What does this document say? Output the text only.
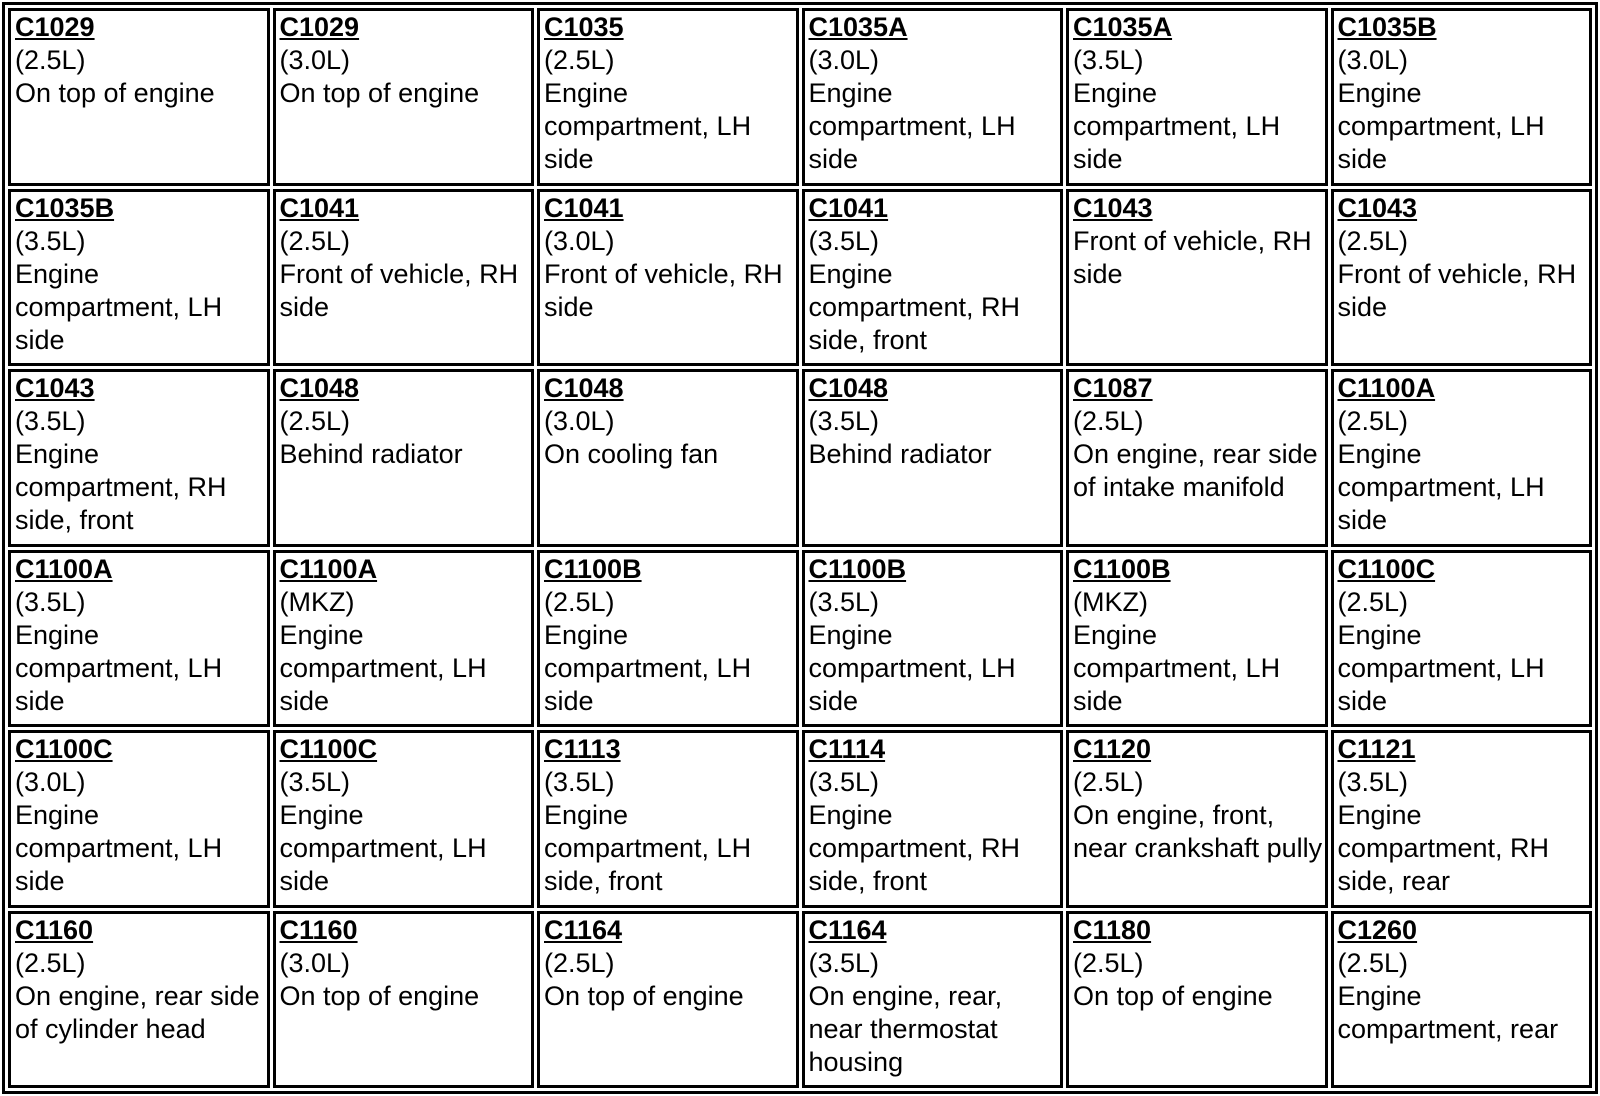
C1029
(2.5L)
On top of engine	C1029
(3.0L)
On top of engine	C1035
(2.5L)
Engine compartment, LH side	C1035A
(3.0L)
Engine compartment, LH side	C1035A
(3.5L)
Engine compartment, LH side	C1035B
(3.0L)
Engine compartment, LH side

C1035B
(3.5L)
Engine compartment, LH side	C1041
(2.5L)
Front of vehicle, RH side	C1041
(3.0L)
Front of vehicle, RH side	C1041
(3.5L)
Engine compartment, RH side, front	C1043
Front of vehicle, RH side	C1043
(2.5L)
Front of vehicle, RH side

C1043
(3.5L)
Engine compartment, RH side, front	C1048
(2.5L)
Behind radiator	C1048
(3.0L)
On cooling fan	C1048
(3.5L)
Behind radiator	C1087
(2.5L)
On engine, rear side of intake manifold	C1100A
(2.5L)
Engine compartment, LH side

C1100A
(3.5L)
Engine compartment, LH side	C1100A
(MKZ)
Engine compartment, LH side	C1100B
(2.5L)
Engine compartment, LH side	C1100B
(3.5L)
Engine compartment, LH side	C1100B
(MKZ)
Engine compartment, LH side	C1100C
(2.5L)
Engine compartment, LH side

C1100C
(3.0L)
Engine compartment, LH side	C1100C
(3.5L)
Engine compartment, LH side	C1113
(3.5L)
Engine compartment, LH side, front	C1114
(3.5L)
Engine compartment, RH side, front	C1120
(2.5L)
On engine, front, near crankshaft pully	C1121
(3.5L)
Engine compartment, RH side, rear

C1160
(2.5L)
On engine, rear side of cylinder head	C1160
(3.0L)
On top of engine	C1164
(2.5L)
On top of engine	C1164
(3.5L)
On engine, rear, near thermostat housing	C1180
(2.5L)
On top of engine	C1260
(2.5L)
Engine compartment, rear
